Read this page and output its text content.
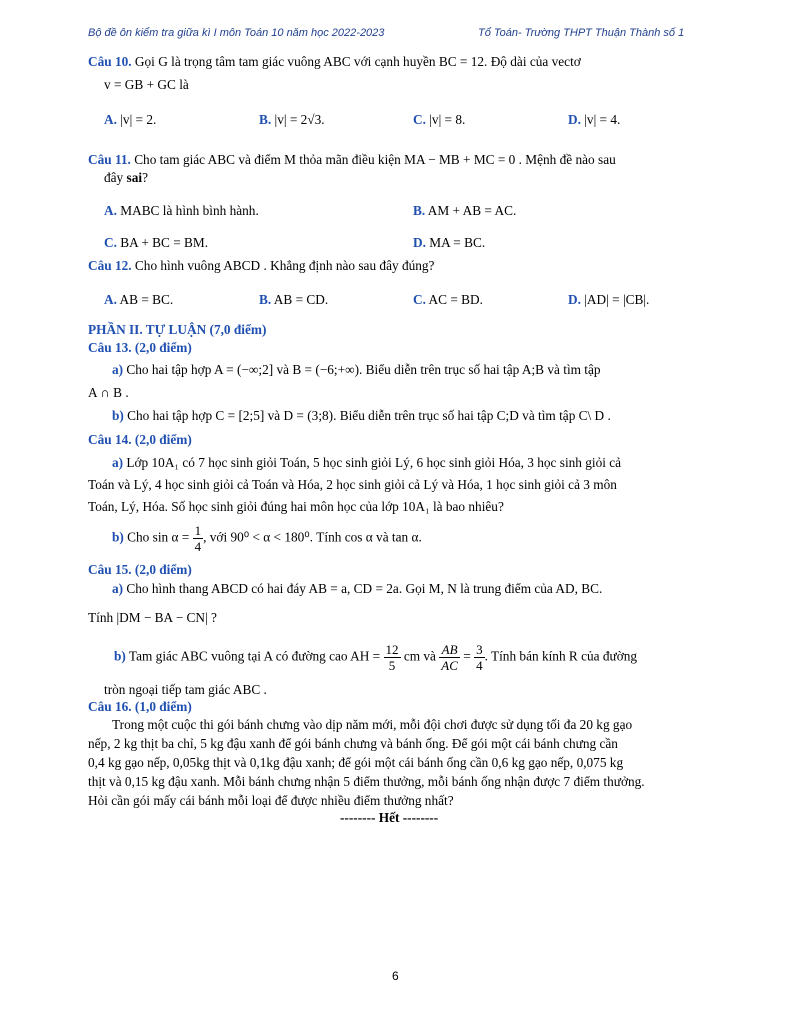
Bộ đề ôn kiểm tra giữa kì I môn Toán 10 năm học 2022-2023	Tổ Toán- Trường THPT Thuận Thành số 1
Câu 10. Gọi G là trọng tâm tam giác vuông ABC với cạnh huyền BC = 12. Độ dài của vectơ
v = GB + GC là
A. |v| = 2.	B. |v| = 2√3.	C. |v| = 8.	D. |v| = 4.
Câu 11. Cho tam giác ABC và điểm M thỏa mãn điều kiện MA − MB + MC = 0 . Mệnh đề nào sau
đây sai?
A. MABC là hình bình hành.	B. AM + AB = AC.
C. BA + BC = BM.	D. MA = BC.
Câu 12. Cho hình vuông ABCD . Khẳng định nào sau đây đúng?
A. AB = BC.	B. AB = CD.	C. AC = BD.	D. |AD| = |CB|.
PHẦN II. TỰ LUẬN (7,0 điểm)
Câu 13. (2,0 điểm)
a) Cho hai tập hợp A = (−∞;2] và B = (−6;+∞). Biểu diễn trên trục số hai tập A;B và tìm tập
A ∩ B .
b) Cho hai tập hợp C = [2;5] và D = (3;8). Biểu diễn trên trục số hai tập C;D và tìm tập C\ D .
Câu 14. (2,0 điểm)
a) Lớp 10A₁ có 7 học sinh giỏi Toán, 5 học sinh giỏi Lý, 6 học sinh giỏi Hóa, 3 học sinh giỏi cả
Toán và Lý, 4 học sinh giỏi cả Toán và Hóa, 2 học sinh giỏi cả Lý và Hóa, 1 học sinh giỏi cả 3 môn
Toán, Lý, Hóa. Số học sinh giỏi đúng hai môn học của lớp 10A₁ là bao nhiêu?
b) Cho $\sin \alpha = \frac{1}{4}$ , với 90⁰ < α < 180⁰. Tính cos α và tan α.
Câu 15. (2,0 điểm)
a) Cho hình thang ABCD có hai đáy AB = a, CD = 2a. Gọi M, N là trung điểm của AD, BC.
Tính |DM − BA − CN| ?
b) Tam giác ABC vuông tại A có đường cao AH = $\frac{12}{5}$ cm và $\frac{AB}{AC} = \frac{3}{4}$ . Tính bán kính R của đường
tròn ngoại tiếp tam giác ABC .
Câu 16. (1,0 điểm)
Trong một cuộc thi gói bánh chưng vào dịp năm mới, mỗi đội chơi được sử dụng tối đa 20 kg gạo
nếp, 2 kg thịt ba chỉ, 5 kg đậu xanh để gói bánh chưng và bánh ống. Để gói một cái bánh chưng cần
0,4 kg gạo nếp, 0,05kg thịt và 0,1kg đậu xanh; để gói một cái bánh ống cần 0,6 kg gạo nếp, 0,075 kg
thịt và 0,15 kg đậu xanh. Mỗi bánh chưng nhận 5 điểm thưởng, mỗi bánh ống nhận được 7 điểm thưởng.
Hỏi cần gói mấy cái bánh mỗi loại để được nhiều điểm thưởng nhất?
-------- Hết --------
6
